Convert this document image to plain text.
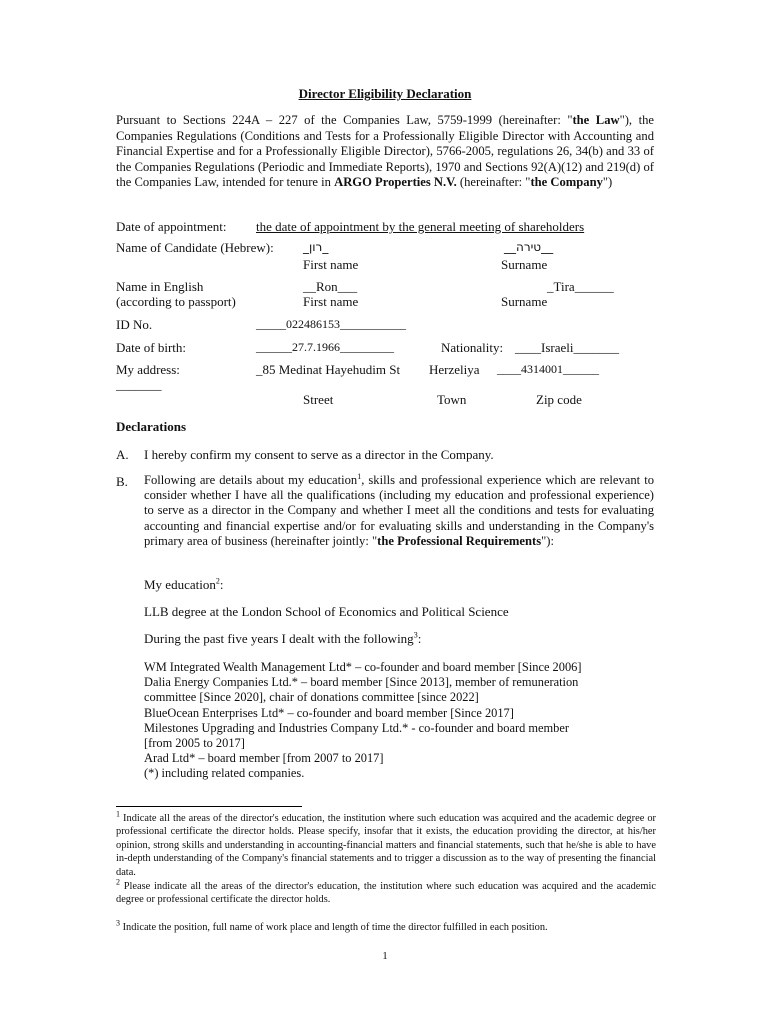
Director Eligibility Declaration
Pursuant to Sections 224A – 227 of the Companies Law, 5759-1999 (hereinafter: "the Law"), the Companies Regulations (Conditions and Tests for a Professionally Eligible Director with Accounting and Financial Expertise and for a Professionally Eligible Director), 5766-2005, regulations 26, 34(b) and 33 of the Companies Regulations (Periodic and Immediate Reports), 1970 and Sections 92(A)(12) and 219(d) of the Companies Law, intended for tenure in ARGO Properties N.V. (hereinafter: "the Company")
Date of appointment: the date of appointment by the general meeting of shareholders
Name of Candidate (Hebrew): _רון_	__טירה__
First name	Surname
Name in English
(according to passport)
__Ron___	_Tira______
First name	Surname
ID No.	_____022486153___________
Date of birth:	______27.7.1966_________	Nationality: ____Israeli_______
My address:	_85 Medinat Hayehudim St Herzeliya ____4314001______
_______
Street	Town	Zip code
Declarations
A. I hereby confirm my consent to serve as a director in the Company.
B. Following are details about my education$^1$, skills and professional experience which are relevant to consider whether I have all the qualifications (including my education and professional experience) to serve as a director in the Company and whether I meet all the conditions and tests for evaluating accounting and financial expertise and/or for evaluating skills and understanding in the Company's primary area of business (hereinafter jointly: "the Professional Requirements"):
My education$^2$:
LLB degree at the London School of Economics and Political Science
During the past five years I dealt with the following$^3$:
WM Integrated Wealth Management Ltd* – co-founder and board member [Since 2006]
Dalia Energy Companies Ltd.* – board member [Since 2013], member of remuneration
committee [Since 2020], chair of donations committee [since 2022]
BlueOcean Enterprises Ltd* – co-founder and board member [Since 2017]
Milestones Upgrading and Industries Company Ltd.* - co-founder and board member
[from 2005 to 2017]
Arad Ltd* – board member [from 2007 to 2017]
(*) including related companies.
$^1$ Indicate all the areas of the director's education, the institution where such education was acquired and the academic degree or professional certificate the director holds. Please specify, insofar that it exists, the education providing the director, at his/her opinion, strong skills and understanding in accounting-financial matters and financial statements, such that he/she is able to have in-depth understanding of the Company's financial statements and to trigger a discussion as to the way of presenting the financial data.
$^2$ Please indicate all the areas of the director's education, the institution where such education was acquired and the academic degree or professional certificate the director holds.
$^3$ Indicate the position, full name of work place and length of time the director fulfilled in each position.
1
